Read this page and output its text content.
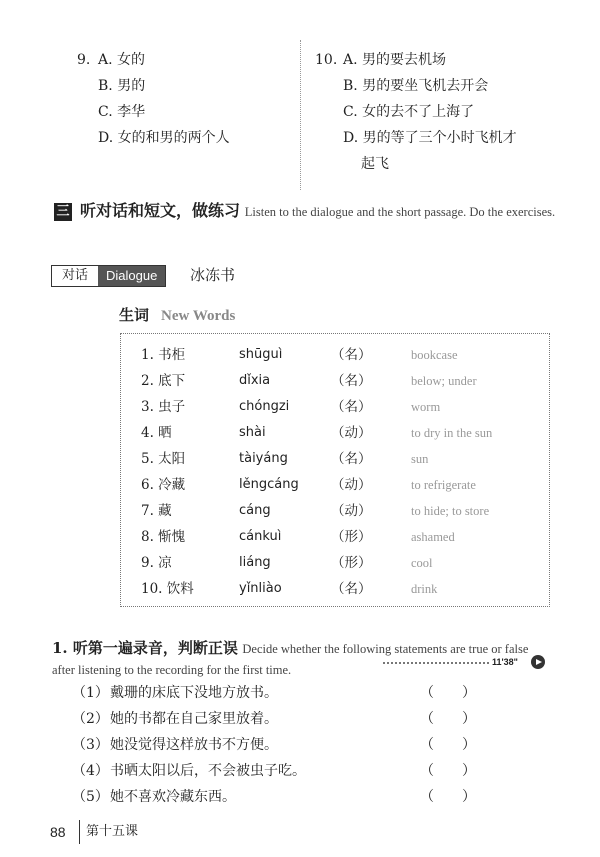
9. A. 女的
B. 男的
C. 李华
D. 女的和男的两个人
10. A. 男的要去机场
B. 男的要坐飞机去开会
C. 女的去不了上海了
D. 男的等了三个小时飞机才
起飞
三 听对话和短文，做练习 Listen to the dialogue and the short passage. Do the exercises.
对话	Dialogue	冰冻书
生词 New Words
1. 书柜	shūguì	（名）	bookcase
2. 底下	dǐxia	（名）	below; under
3. 虫子	chóngzi	（名）	worm
4. 晒	shài	（动）	to dry in the sun
5. 太阳	tàiyáng	（名）	sun
6. 冷藏	lěngcáng （动）	to refrigerate
7. 藏	cáng	（动）	to hide; to store
8. 惭愧	cánkuì	（形）	ashamed
9. 凉	liáng	（形）	cool
10. 饮料	yǐnliào	（名）	drink
1. 听第一遍录音，判断正误 Decide whether the following statements are true or false after listening to the recording for the first time.
11'38"
（1） 戴珊的床底下没地方放书。	（　　）
（2） 她的书都在自己家里放着。	（　　）
（3） 她没觉得这样放书不方便。	（　　）
（4） 书晒太阳以后，不会被虫子吃。	（　　）
（5） 她不喜欢冷藏东西。	（　　）
88 第十五课
